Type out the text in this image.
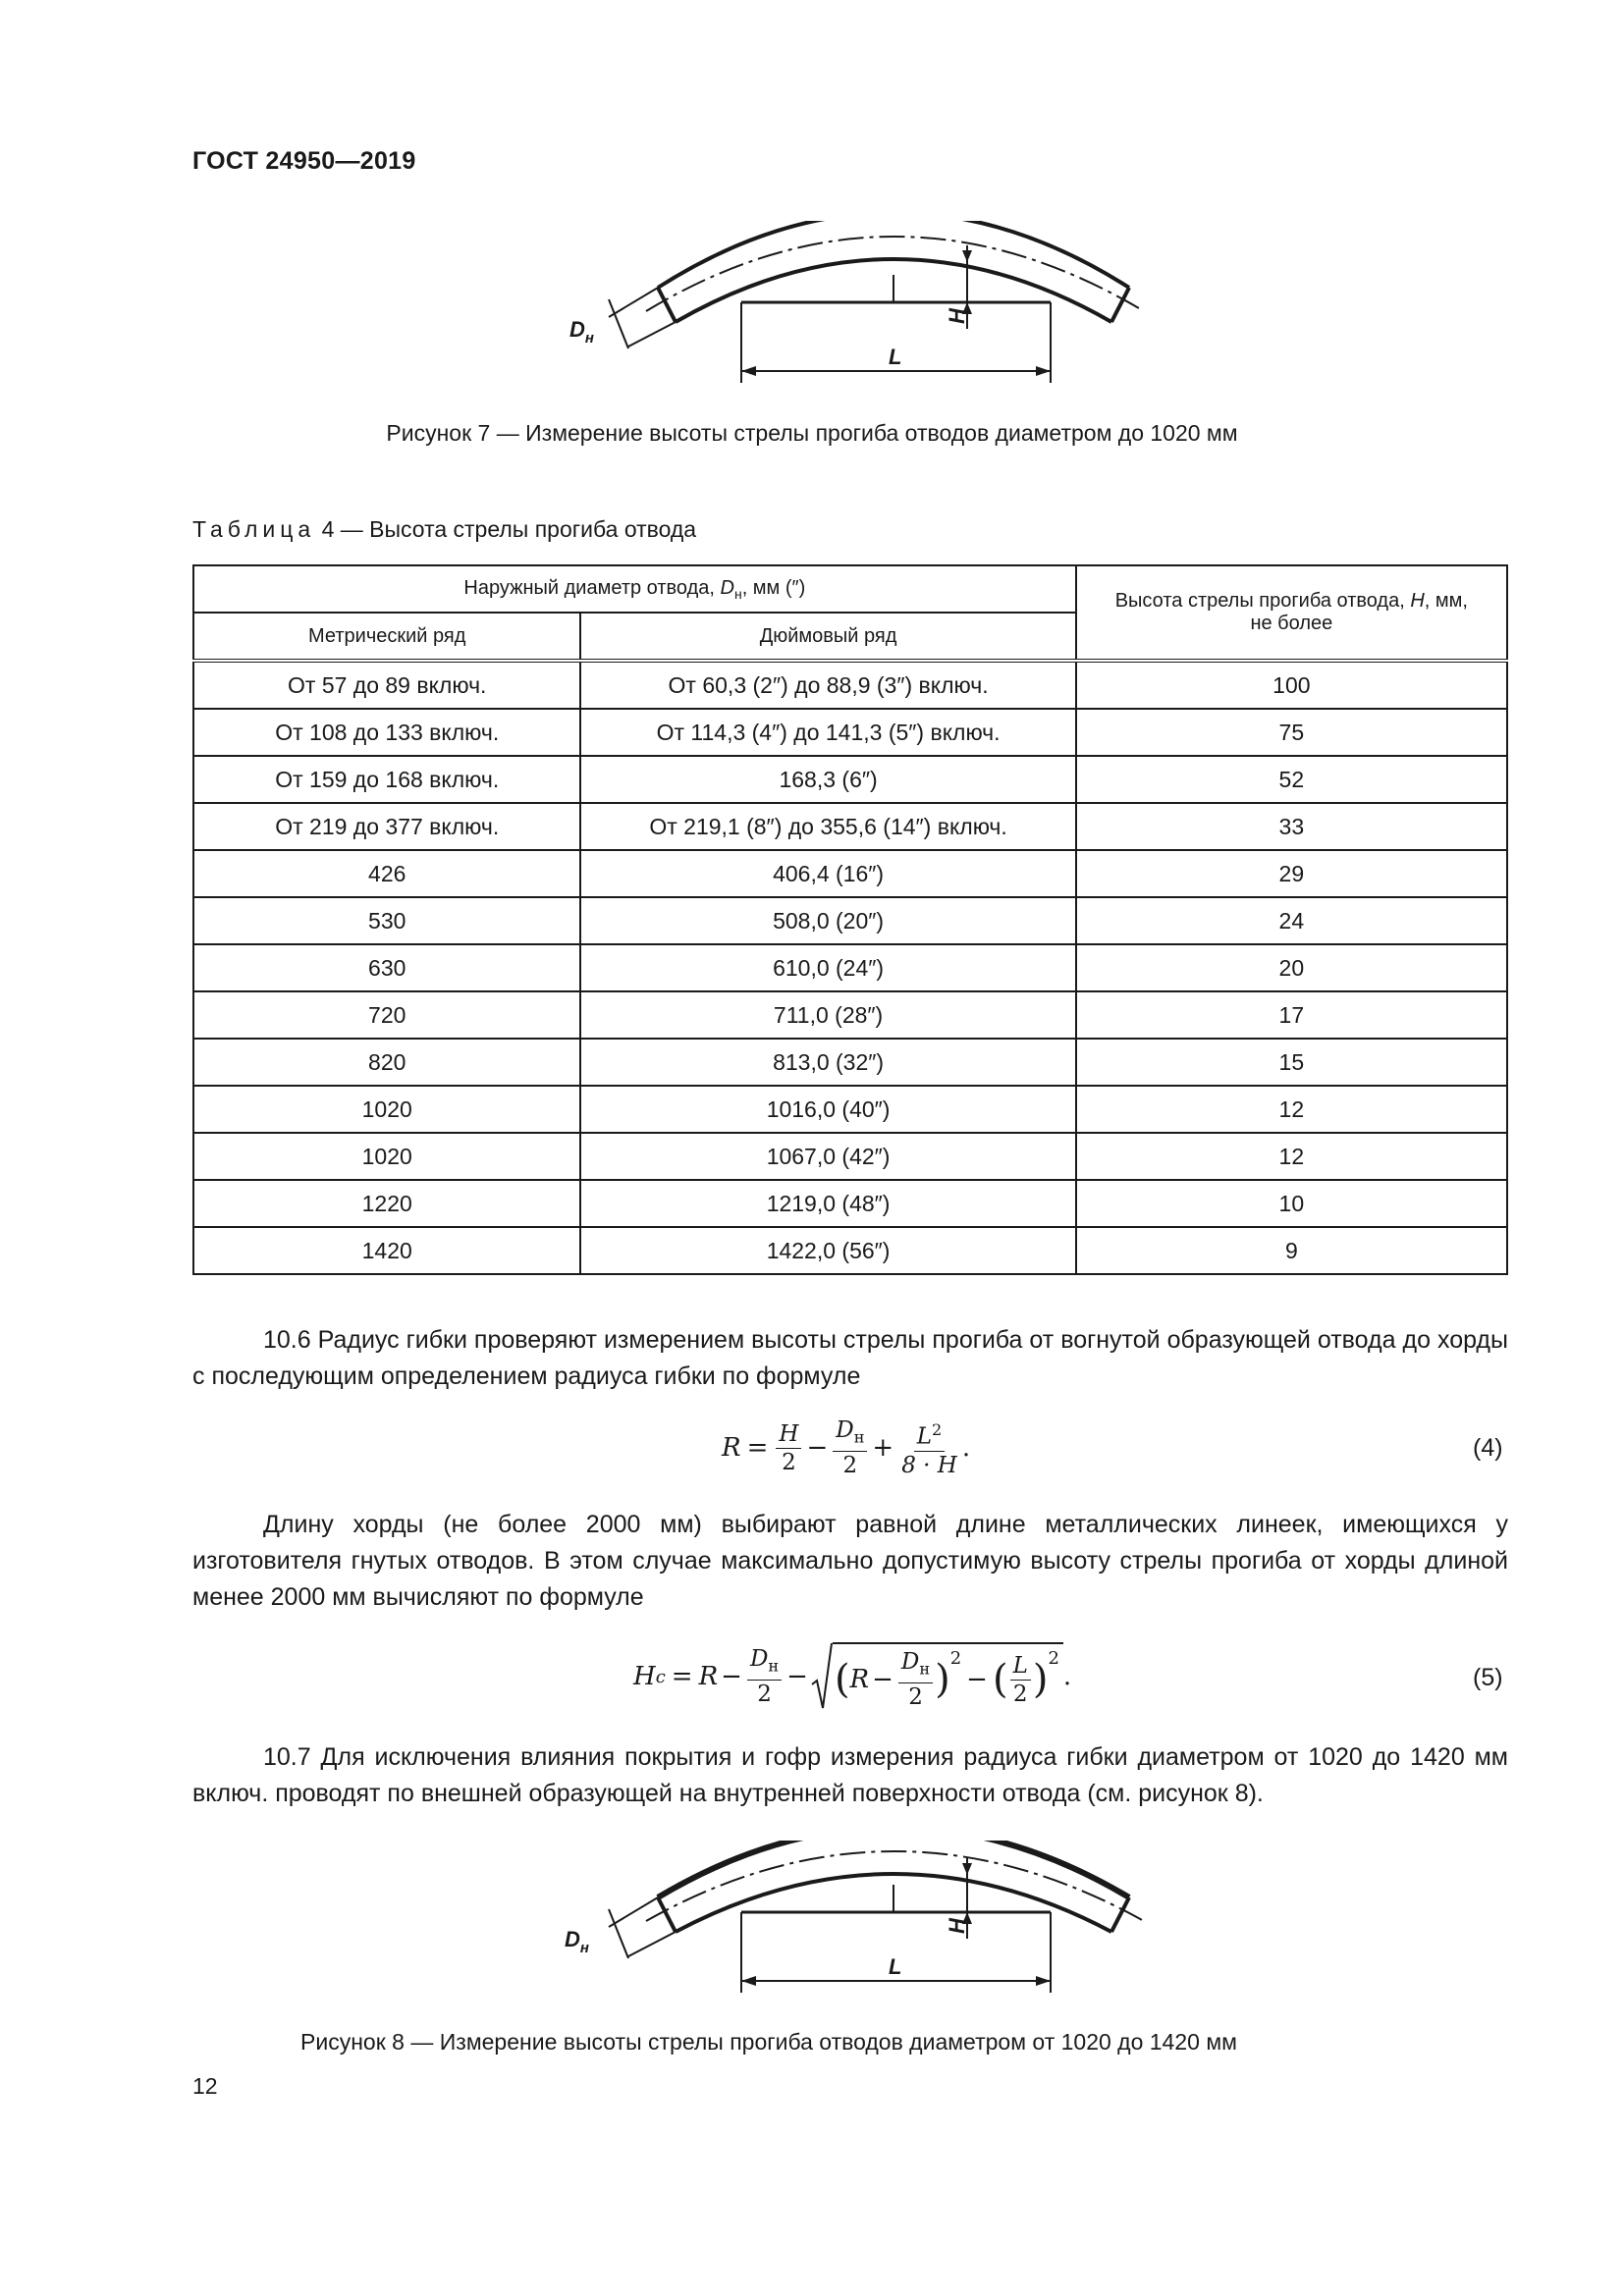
ГОСТ 24950—2019
$D_н$
H
L
Рисунок 7 — Измерение высоты стрелы прогиба отводов диаметром до 1020 мм
Таблица 4 — Высота стрелы прогиба отвода
Наружный диаметр отвода, $D_н$, мм (″)		Высота стрелы прогиба отвода, H, мм,
не более
Метрический ряд	Дюймовый ряд	
От 57 до 89 включ.	От 60,3 (2″) до 88,9 (3″) включ.	100
От 108 до 133 включ.	От 114,3 (4″) до 141,3 (5″) включ.	75
От 159 до 168 включ.	168,3 (6″)	52
От 219 до 377 включ.	От 219,1 (8″) до 355,6 (14″) включ.	33
426	406,4 (16″)	29
530	508,0 (20″)	24
630	610,0 (24″)	20
720	711,0 (28″)	17
820	813,0 (32″)	15
1020	1016,0 (40″)	12
1020	1067,0 (42″)	12
1220	1219,0 (48″)	10
1420	1422,0 (56″)	9
10.6 Радиус гибки проверяют измерением высоты стрелы прогиба от вогнутой образующей отвода до хорды с последующим определением радиуса гибки по формуле
$R = \frac{H}{2} - \frac{D_н}{2} + \frac{L^2}{8 \cdot H}$ .	(4)
Длину хорды (не более 2000 мм) выбирают равной длине металлических линеек, имеющихся у изготовителя гнутых отводов. В этом случае максимально допустимую высоту стрелы прогиба от хорды длиной менее 2000 мм вычисляют по формуле
H $c = R - \frac{D_н}{2}$ − ( $R - \frac{D_н}{2} )^2$
− ( $\frac{L}{2} )^2$
.	(5)
10.7 Для исключения влияния покрытия и гофр измерения радиуса гибки диаметром от 1020 до 1420 мм включ. проводят по внешней образующей на внутренней поверхности отвода (см. рисунок 8).
$D_н$
H
L
Рисунок 8 — Измерение высоты стрелы прогиба отводов диаметром от 1020 до 1420 мм
12
